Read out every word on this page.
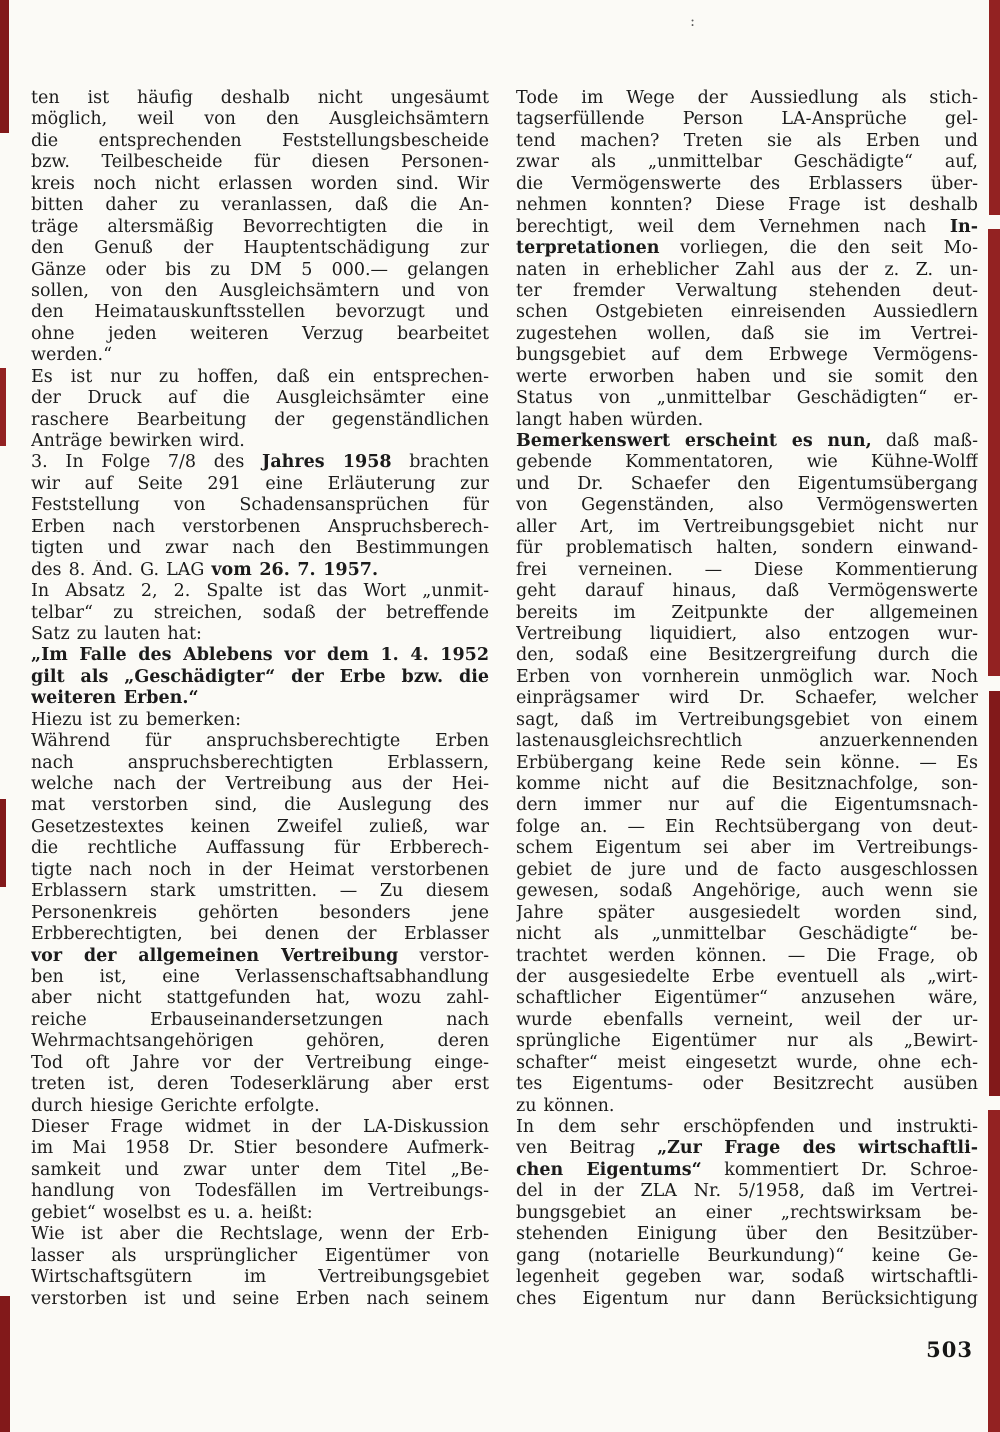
:
ten ist häufig deshalb nicht ungesäumt
möglich, weil von den Ausgleichsämtern
die entsprechenden Feststellungsbescheide
bzw. Teilbescheide für diesen Personen-
kreis noch nicht erlassen worden sind. Wir
bitten daher zu veranlassen, daß die An-
träge altersmäßig Bevorrechtigten die in
den Genuß der Hauptentschädigung zur
Gänze oder bis zu DM 5 000.— gelangen
sollen, von den Ausgleichsämtern und von
den Heimatauskunftsstellen bevorzugt und
ohne jeden weiteren Verzug bearbeitet
werden.“
Es ist nur zu hoffen, daß ein entsprechen-
der Druck auf die Ausgleichsämter eine
raschere Bearbeitung der gegenständlichen
Anträge bewirken wird.
3. In Folge 7/8 des Jahres 1958 brachten
wir auf Seite 291 eine Erläuterung zur
Feststellung von Schadensansprüchen für
Erben nach verstorbenen Anspruchsberech-
tigten und zwar nach den Bestimmungen
des 8. Änd. G. LAG vom 26. 7. 1957.
In Absatz 2, 2. Spalte ist das Wort „unmit-
telbar“ zu streichen, sodaß der betreffende
Satz zu lauten hat:
„Im Falle des Ablebens vor dem 1. 4. 1952
gilt als „Geschädigter“ der Erbe bzw. die
weiteren Erben.“
Hiezu ist zu bemerken:
Während für anspruchsberechtigte Erben
nach anspruchsberechtigten Erblassern,
welche nach der Vertreibung aus der Hei-
mat verstorben sind, die Auslegung des
Gesetzestextes keinen Zweifel zuließ, war
die rechtliche Auffassung für Erbberech-
tigte nach noch in der Heimat verstorbenen
Erblassern stark umstritten. — Zu diesem
Personenkreis gehörten besonders jene
Erbberechtigten, bei denen der Erblasser
vor der allgemeinen Vertreibung verstor-
ben ist, eine Verlassenschaftsabhandlung
aber nicht stattgefunden hat, wozu zahl-
reiche Erbauseinandersetzungen nach
Wehrmachtsangehörigen gehören, deren
Tod oft Jahre vor der Vertreibung einge-
treten ist, deren Todeserklärung aber erst
durch hiesige Gerichte erfolgte.
Dieser Frage widmet in der LA-Diskussion
im Mai 1958 Dr. Stier besondere Aufmerk-
samkeit und zwar unter dem Titel „Be-
handlung von Todesfällen im Vertreibungs-
gebiet“ woselbst es u. a. heißt:
Wie ist aber die Rechtslage, wenn der Erb-
lasser als ursprünglicher Eigentümer von
Wirtschaftsgütern im Vertreibungsgebiet
verstorben ist und seine Erben nach seinem
Tode im Wege der Aussiedlung als stich-
tagserfüllende Person LA-Ansprüche gel-
tend machen? Treten sie als Erben und
zwar als „unmittelbar Geschädigte“ auf,
die Vermögenswerte des Erblassers über-
nehmen konnten? Diese Frage ist deshalb
berechtigt, weil dem Vernehmen nach In-
terpretationen vorliegen, die den seit Mo-
naten in erheblicher Zahl aus der z. Z. un-
ter fremder Verwaltung stehenden deut-
schen Ostgebieten einreisenden Aussiedlern
zugestehen wollen, daß sie im Vertrei-
bungsgebiet auf dem Erbwege Vermögens-
werte erworben haben und sie somit den
Status von „unmittelbar Geschädigten“ er-
langt haben würden.
Bemerkenswert erscheint es nun, daß maß-
gebende Kommentatoren, wie Kühne-Wolff
und Dr. Schaefer den Eigentumsübergang
von Gegenständen, also Vermögenswerten
aller Art, im Vertreibungsgebiet nicht nur
für problematisch halten, sondern einwand-
frei verneinen. — Diese Kommentierung
geht darauf hinaus, daß Vermögenswerte
bereits im Zeitpunkte der allgemeinen
Vertreibung liquidiert, also entzogen wur-
den, sodaß eine Besitzergreifung durch die
Erben von vornherein unmöglich war. Noch
einprägsamer wird Dr. Schaefer, welcher
sagt, daß im Vertreibungsgebiet von einem
lastenausgleichsrechtlich anzuerkennenden
Erbübergang keine Rede sein könne. — Es
komme nicht auf die Besitznachfolge, son-
dern immer nur auf die Eigentumsnach-
folge an. — Ein Rechtsübergang von deut-
schem Eigentum sei aber im Vertreibungs-
gebiet de jure und de facto ausgeschlossen
gewesen, sodaß Angehörige, auch wenn sie
Jahre später ausgesiedelt worden sind,
nicht als „unmittelbar Geschädigte“ be-
trachtet werden können. — Die Frage, ob
der ausgesiedelte Erbe eventuell als „wirt-
schaftlicher Eigentümer“ anzusehen wäre,
wurde ebenfalls verneint, weil der ur-
sprüngliche Eigentümer nur als „Bewirt-
schafter“ meist eingesetzt wurde, ohne ech-
tes Eigentums- oder Besitzrecht ausüben
zu können.
In dem sehr erschöpfenden und instrukti-
ven Beitrag „Zur Frage des wirtschaftli-
chen Eigentums“ kommentiert Dr. Schroe-
del in der ZLA Nr. 5/1958, daß im Vertrei-
bungsgebiet an einer „rechtswirksam be-
stehenden Einigung über den Besitzüber-
gang (notarielle Beurkundung)“ keine Ge-
legenheit gegeben war, sodaß wirtschaftli-
ches Eigentum nur dann Berücksichtigung
503
